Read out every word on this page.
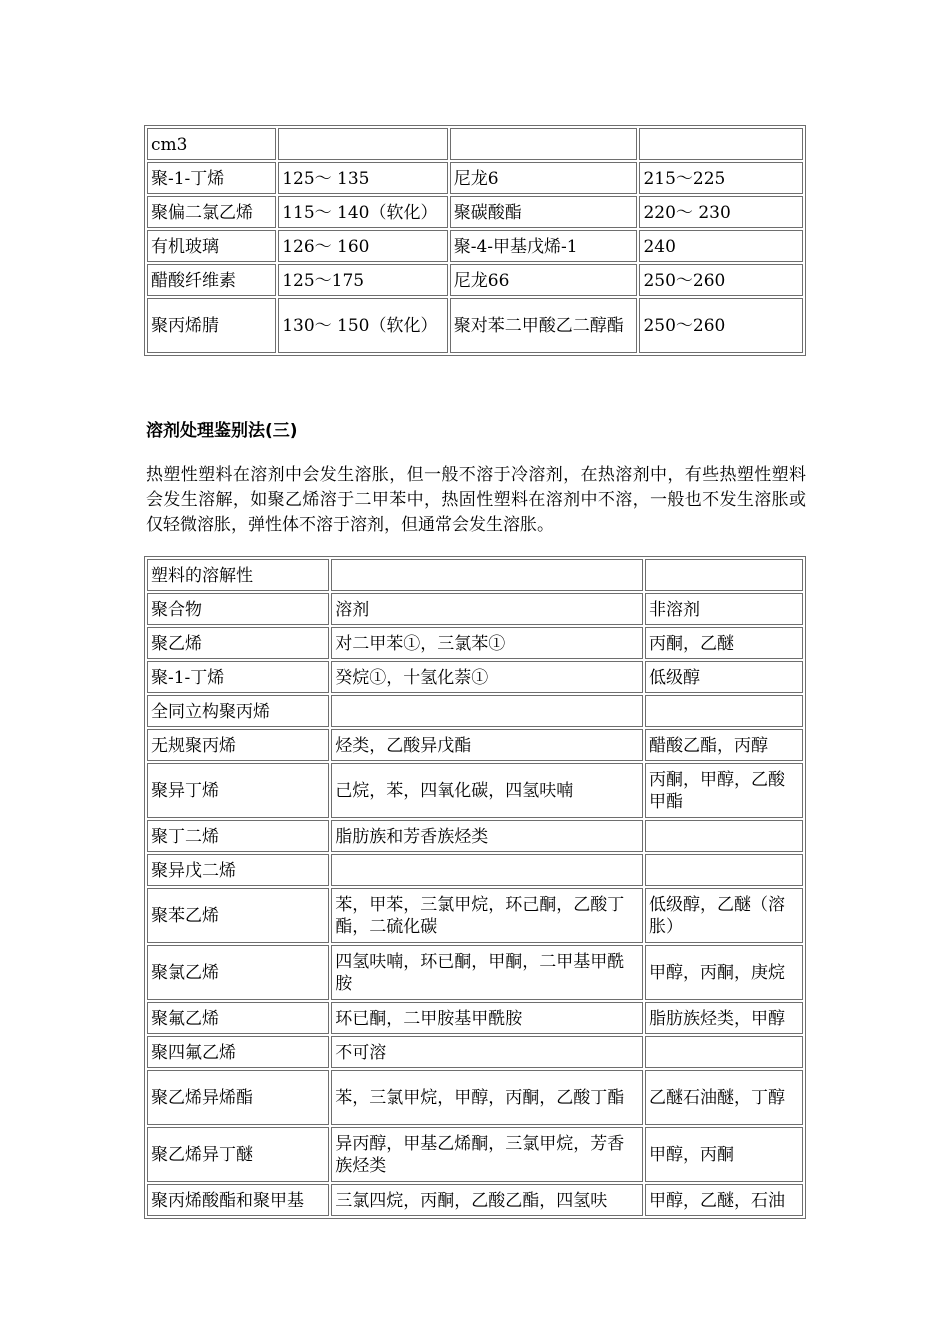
cm3			
聚-1-丁烯	125～ 135	尼龙6	215～225
聚偏二氯乙烯	115～ 140（软化）	聚碳酸酯	220～ 230
有机玻璃	126～ 160	聚-4-甲基戊烯-1	240
醋酸纤维素	125～175	尼龙66	250～260
聚丙烯腈	130～ 150（软化）	聚对苯二甲酸乙二醇酯	250～260
溶剂处理鉴别法(三)

热塑性塑料在溶剂中会发生溶胀，但一般不溶于冷溶剂，在热溶剂中，有些热塑性塑料会发生溶解，如聚乙烯溶于二甲苯中，热固性塑料在溶剂中不溶，一般也不发生溶胀或仅轻微溶胀，弹性体不溶于溶剂，但通常会发生溶胀。

塑料的溶解性		
聚合物	溶剂	非溶剂
聚乙烯	对二甲苯①，三氯苯①	丙酮，乙醚
聚-1-丁烯	癸烷①，十氢化萘①	低级醇
全同立构聚丙烯		
无规聚丙烯	烃类，乙酸异戊酯	醋酸乙酯，丙醇
聚异丁烯	己烷，苯，四氧化碳，四氢呋喃	丙酮，甲醇，乙酸甲酯
聚丁二烯	脂肪族和芳香族烃类	
聚异戊二烯		
聚苯乙烯	苯，甲苯，三氯甲烷，环己酮，乙酸丁酯，二硫化碳	低级醇，乙醚（溶胀）
聚氯乙烯	四氢呋喃，环已酮，甲酮，二甲基甲酰胺	甲醇，丙酮，庚烷
聚氟乙烯	环已酮，二甲胺基甲酰胺	脂肪族烃类，甲醇
聚四氟乙烯	不可溶	
聚乙烯异烯酯	苯，三氯甲烷，甲醇，丙酮，乙酸丁酯	乙醚石油醚，丁醇
聚乙烯异丁醚	异丙醇，甲基乙烯酮，三氯甲烷，芳香族烃类	甲醇，丙酮
聚丙烯酸酯和聚甲基	三氯四烷，丙酮，乙酸乙酯，四氢呋	甲醇，乙醚，石油
